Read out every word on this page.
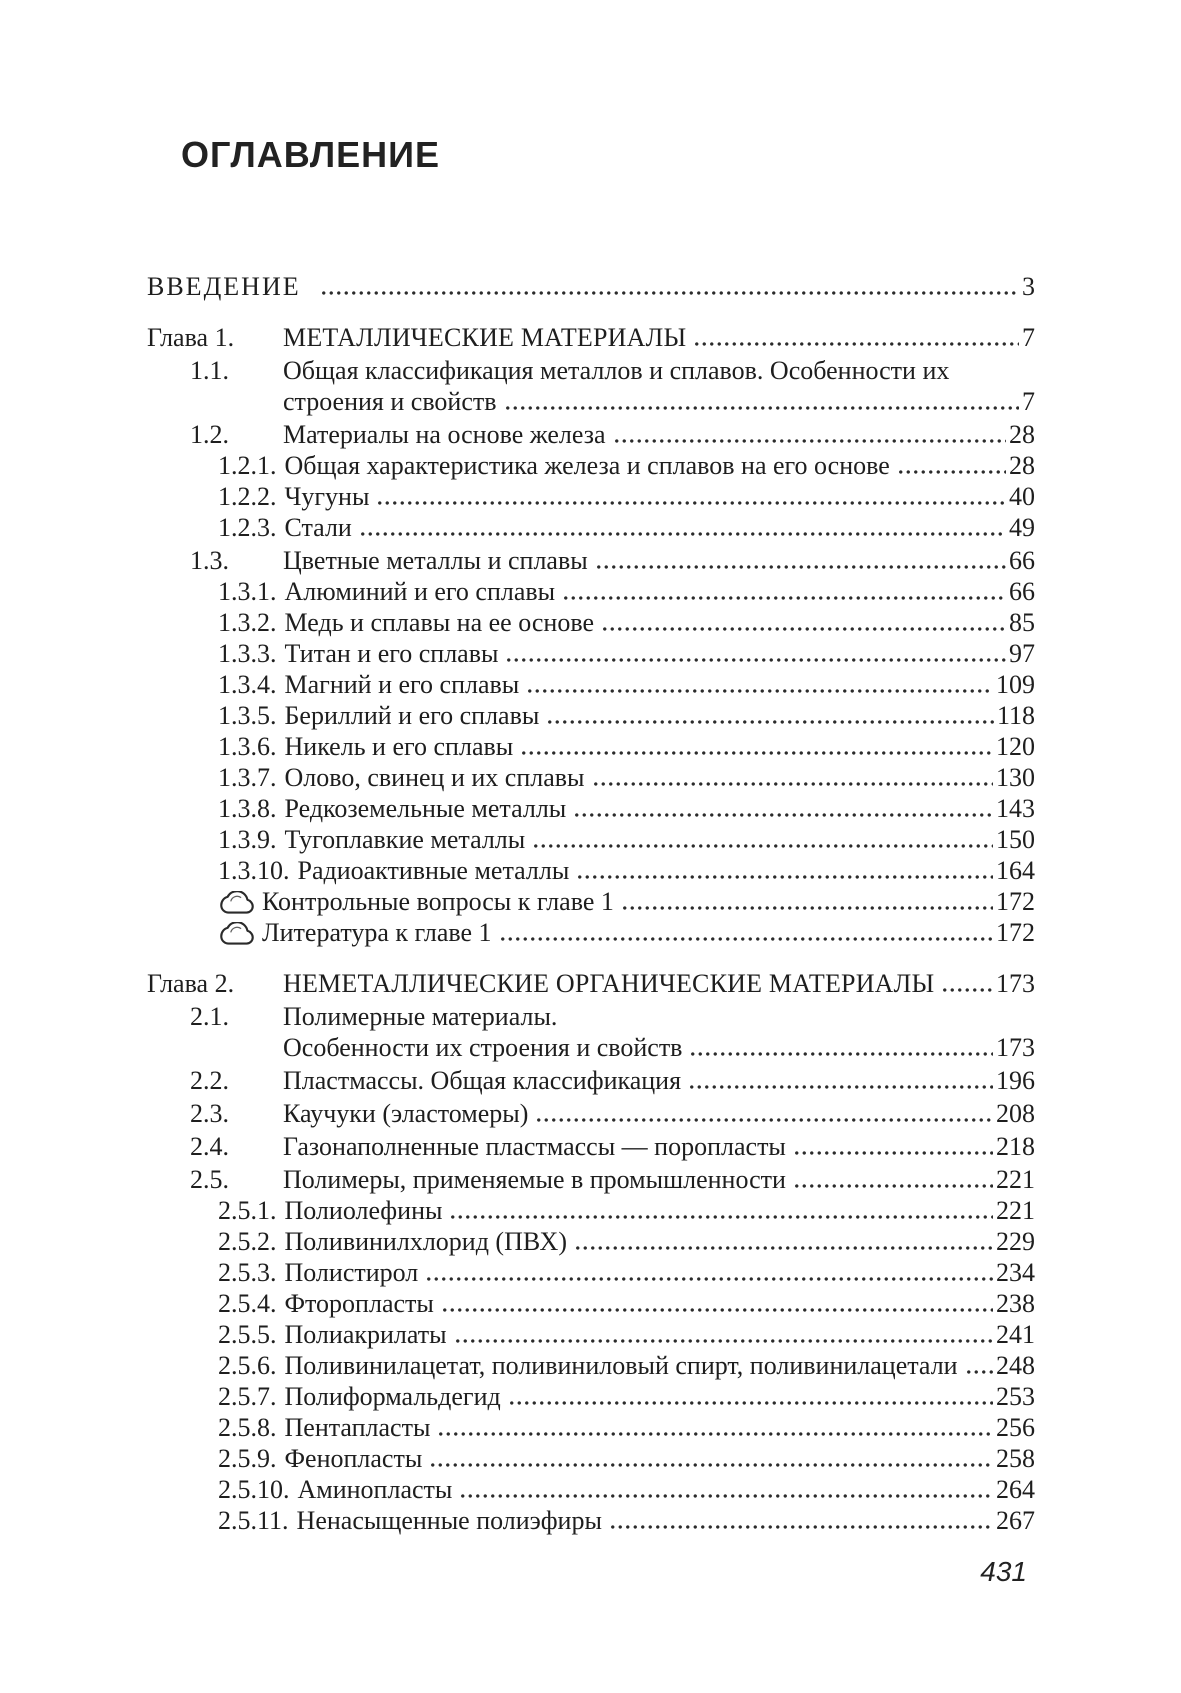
ОГЛАВЛЕНИЕ
ВВЕДЕНИЕ	3
Глава 1.	МЕТАЛЛИЧЕСКИЕ МАТЕРИАЛЫ	7
1.1.	Общая классификация металлов и сплавов. Особенности их
строения и свойств	7
1.2.	Материалы на основе железа	28
1.2.1. Общая характеристика железа и сплавов на его основе	28
1.2.2. Чугуны	40
1.2.3. Стали	49
1.3.	Цветные металлы и сплавы	66
1.3.1. Алюминий и его сплавы	66
1.3.2. Медь и сплавы на ее основе	85
1.3.3. Титан и его сплавы	97
1.3.4. Магний и его сплавы	109
1.3.5. Бериллий и его сплавы	118
1.3.6. Никель и его сплавы	120
1.3.7. Олово, свинец и их сплавы	130
1.3.8. Редкоземельные металлы	143
1.3.9. Тугоплавкие металлы	150
1.3.10. Радиоактивные металлы	164
Контрольные вопросы к главе 1	172
Литература к главе 1	172
Глава 2.	НЕМЕТАЛЛИЧЕСКИЕ ОРГАНИЧЕСКИЕ МАТЕРИАЛЫ 173
2.1.	Полимерные материалы.
Особенности их строения и свойств	173
2.2.	Пластмассы. Общая классификация	196
2.3.	Каучуки (эластомеры)	208
2.4.	Газонаполненные пластмассы — поропласты	218
2.5.	Полимеры, применяемые в промышленности	221
2.5.1. Полиолефины	221
2.5.2. Поливинилхлорид (ПВХ)	229
2.5.3. Полистирол	234
2.5.4. Фторопласты	238
2.5.5. Полиакрилаты	241
2.5.6. Поливинилацетат, поливиниловый спирт, поливинилацетали 248
2.5.7. Полиформальдегид	253
2.5.8. Пентапласты	256
2.5.9. Фенопласты	258
2.5.10. Аминопласты	264
2.5.11. Ненасыщенные полиэфиры	267
431
